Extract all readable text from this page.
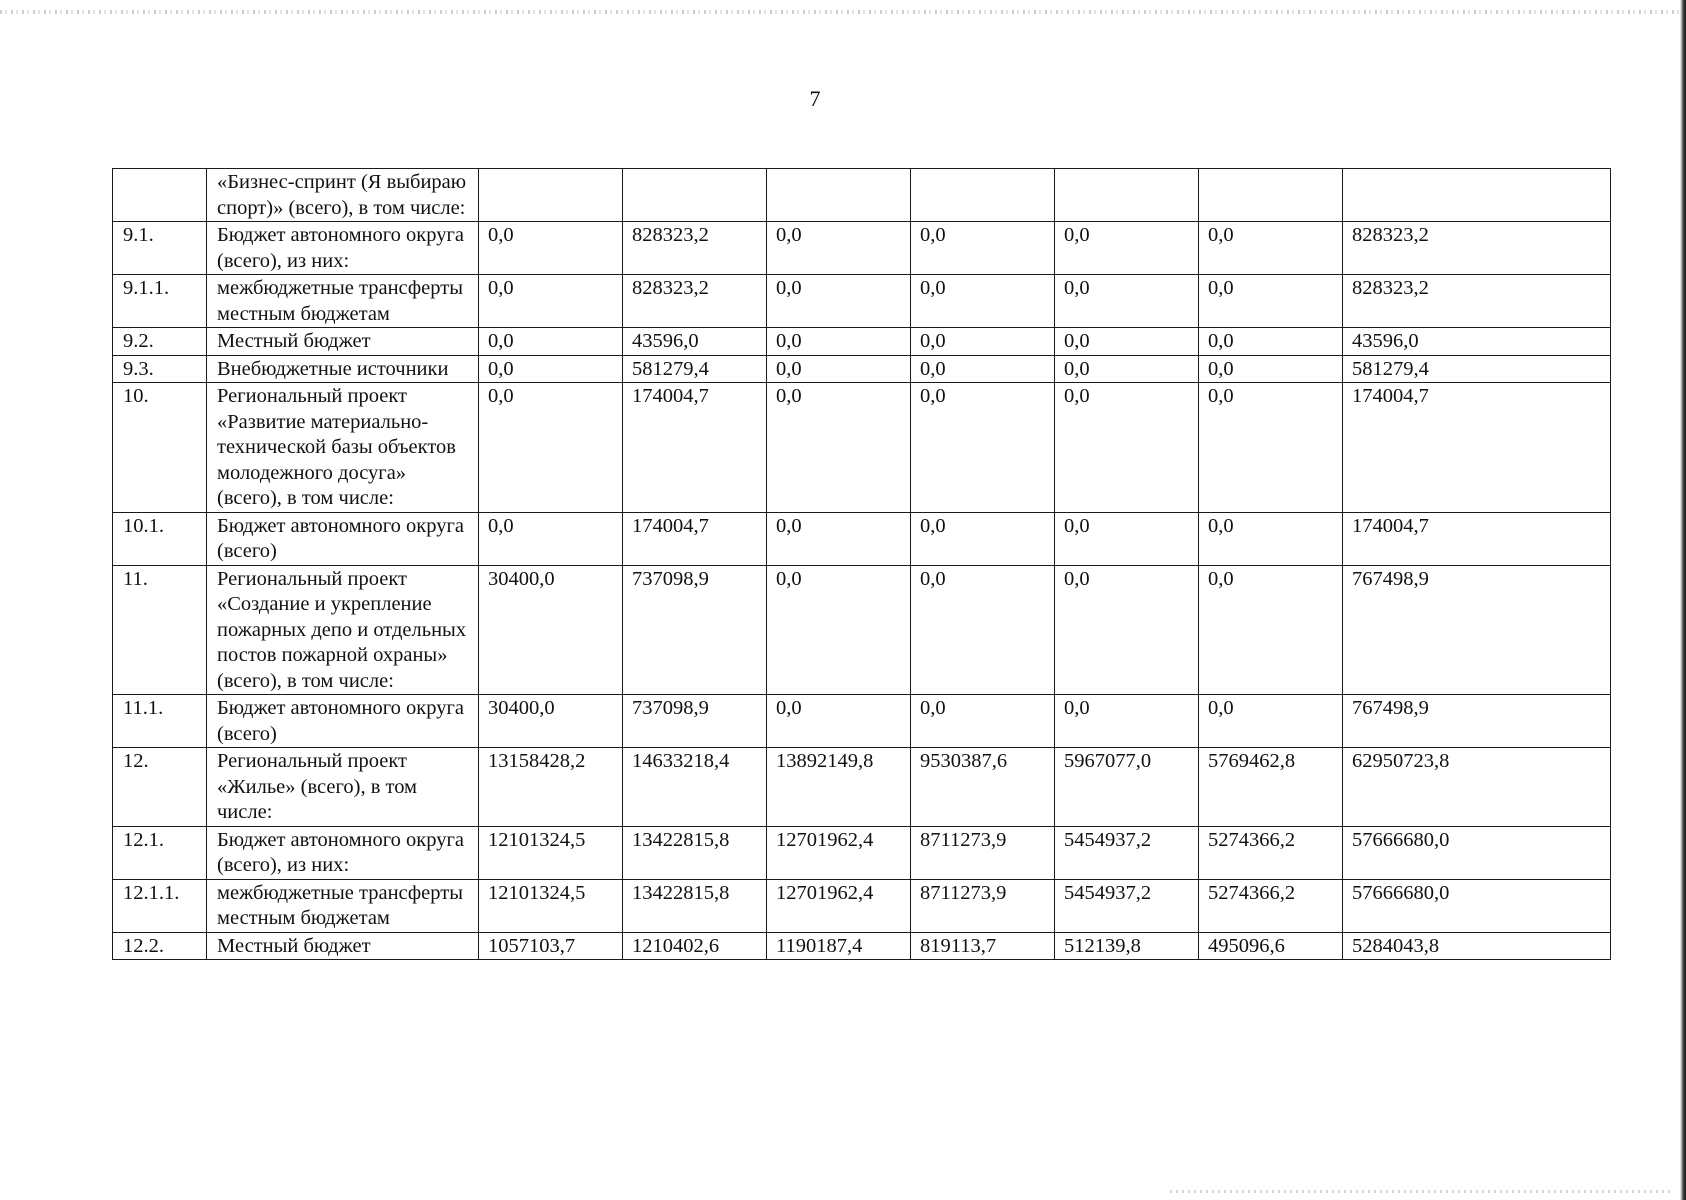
7
	«Бизнес-спринт (Я выбираю спорт)» (всего), в том числе:							
9.1.	Бюджет автономного округа (всего), из них:	0,0	828323,2	0,0	0,0	0,0	0,0	828323,2
9.1.1.	межбюджетные трансферты местным бюджетам	0,0	828323,2	0,0	0,0	0,0	0,0	828323,2
9.2.	Местный бюджет	0,0	43596,0	0,0	0,0	0,0	0,0	43596,0
9.3.	Внебюджетные источники	0,0	581279,4	0,0	0,0	0,0	0,0	581279,4
10.	Региональный проект «Развитие материально-технической базы объектов молодежного досуга» (всего), в том числе:	0,0	174004,7	0,0	0,0	0,0	0,0	174004,7
10.1.	Бюджет автономного округа (всего)	0,0	174004,7	0,0	0,0	0,0	0,0	174004,7
11.	Региональный проект «Создание и укрепление пожарных депо и отдельных постов пожарной охраны» (всего), в том числе:	30400,0	737098,9	0,0	0,0	0,0	0,0	767498,9
11.1.	Бюджет автономного округа (всего)	30400,0	737098,9	0,0	0,0	0,0	0,0	767498,9
12.	Региональный проект «Жилье» (всего), в том числе:	13158428,2	14633218,4	13892149,8	9530387,6	5967077,0	5769462,8	62950723,8
12.1.	Бюджет автономного округа (всего), из них:	12101324,5	13422815,8	12701962,4	8711273,9	5454937,2	5274366,2	57666680,0
12.1.1.	межбюджетные трансферты местным бюджетам	12101324,5	13422815,8	12701962,4	8711273,9	5454937,2	5274366,2	57666680,0
12.2.	Местный бюджет	1057103,7	1210402,6	1190187,4	819113,7	512139,8	495096,6	5284043,8
